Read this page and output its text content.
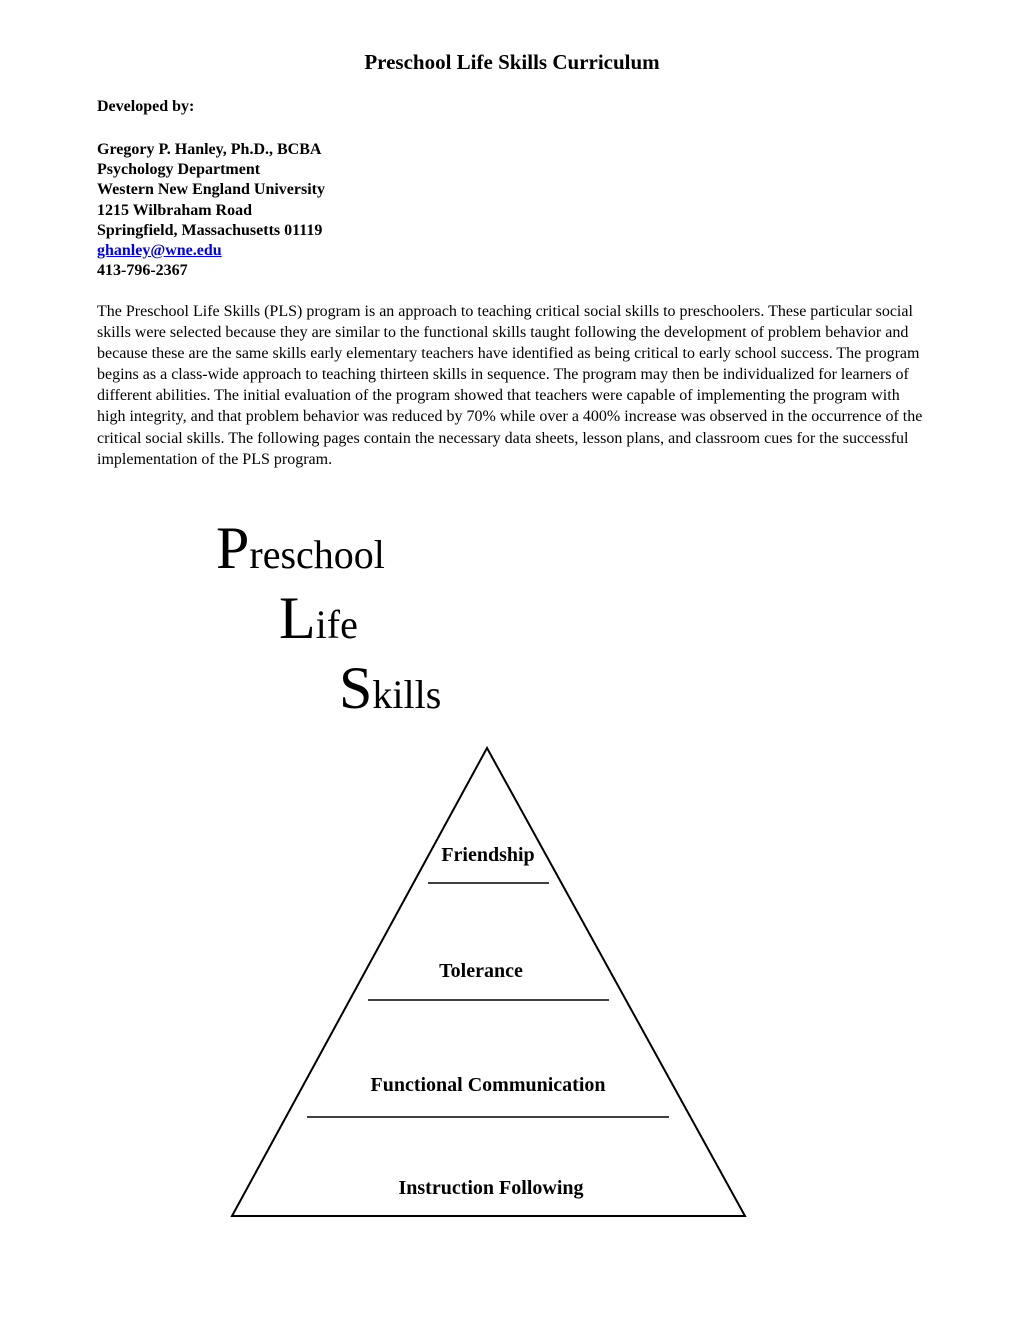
Preschool Life Skills Curriculum
Developed by:
Gregory P. Hanley, Ph.D., BCBA
Psychology Department
Western New England University
1215 Wilbraham Road
Springfield, Massachusetts 01119
ghanley@wne.edu
413-796-2367

The Preschool Life Skills (PLS) program is an approach to teaching critical social skills to preschoolers. These particular social skills were selected because they are similar to the functional skills taught following the development of problem behavior and because these are the same skills early elementary teachers have identified as being critical to early school success. The program begins as a class-wide approach to teaching thirteen skills in sequence. The program may then be individualized for learners of different abilities. The initial evaluation of the program showed that teachers were capable of implementing the program with high integrity, and that problem behavior was reduced by 70% while over a 400% increase was observed in the occurrence of the critical social skills. The following pages contain the necessary data sheets, lesson plans, and classroom cues for the successful implementation of the PLS program.

Preschool
Life
Skills
Friendship
Tolerance
Functional Communication
Instruction Following
